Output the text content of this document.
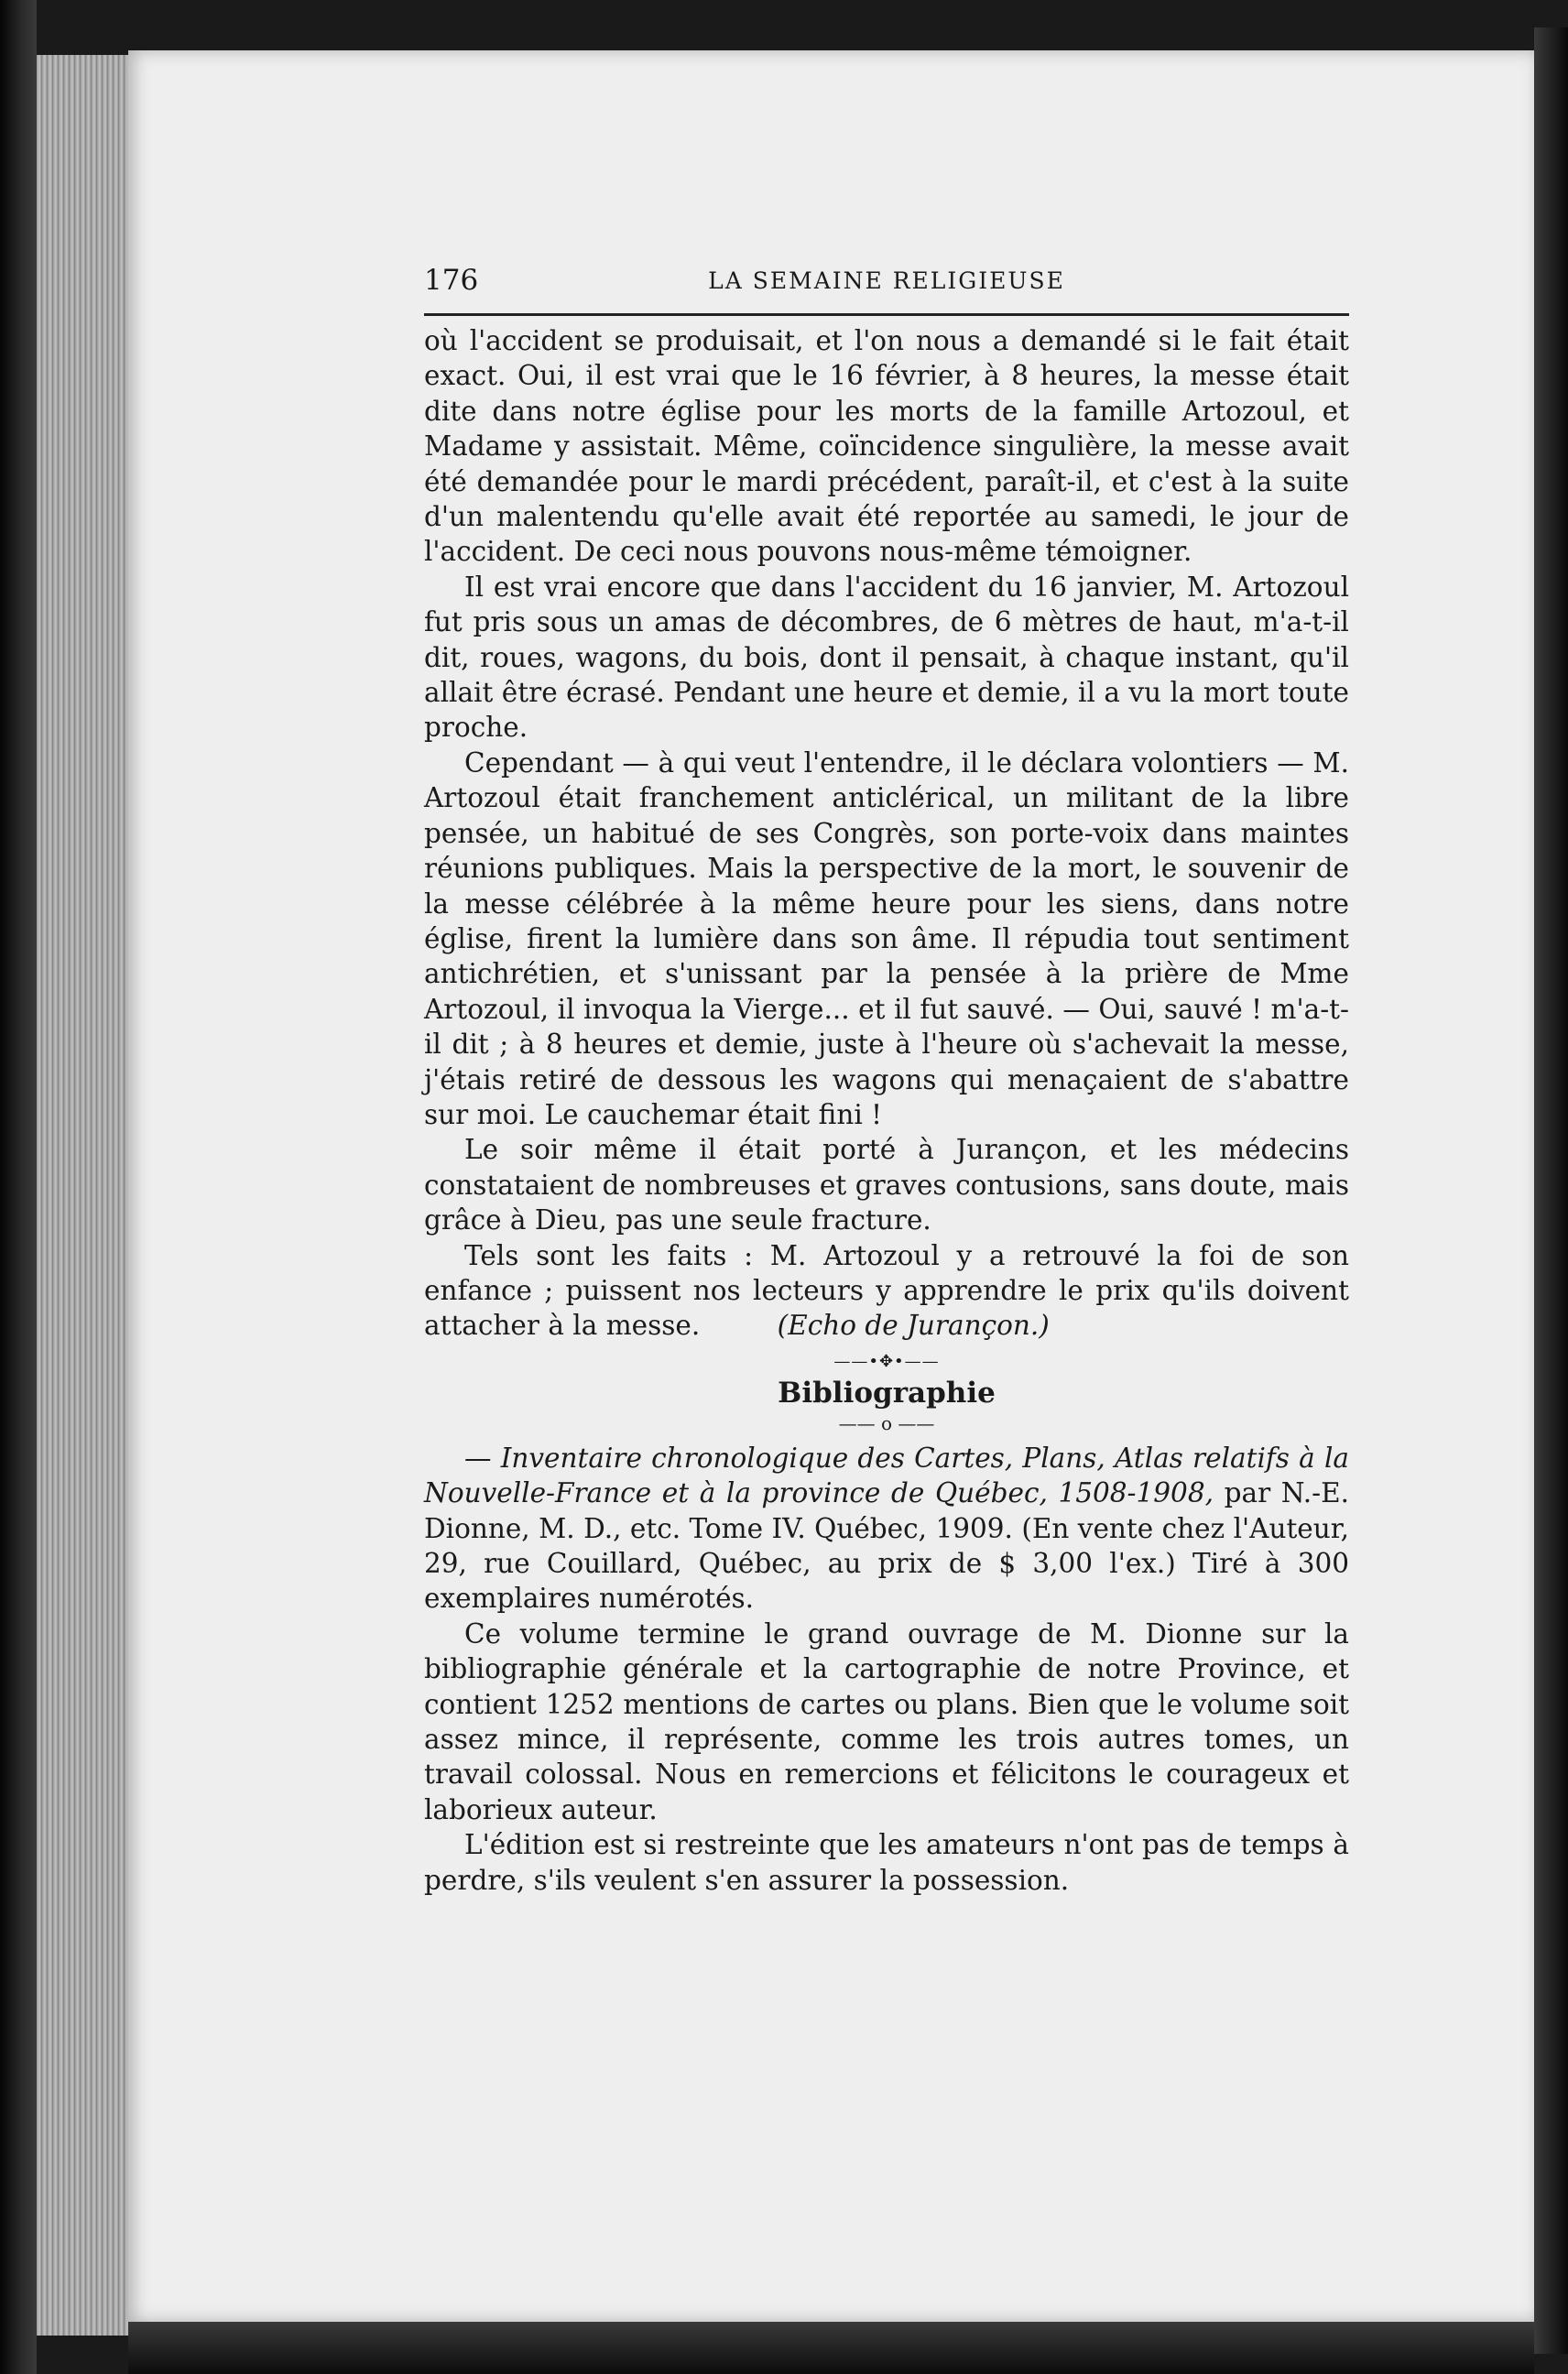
176	LA SEMAINE RELIGIEUSE

où l'accident se produisait, et l'on nous a demandé si le fait était exact. Oui, il est vrai que le 16 février, à 8 heures, la messe était dite dans notre église pour les morts de la famille Artozoul, et Madame y assistait. Même, coïncidence singulière, la messe avait été demandée pour le mardi précédent, paraît-il, et c'est à la suite d'un malentendu qu'elle avait été reportée au samedi, le jour de l'accident. De ceci nous pouvons nous-même témoigner.

Il est vrai encore que dans l'accident du 16 janvier, M. Artozoul fut pris sous un amas de décombres, de 6 mètres de haut, m'a-t-il dit, roues, wagons, du bois, dont il pensait, à chaque instant, qu'il allait être écrasé. Pendant une heure et demie, il a vu la mort toute proche.

Cependant — à qui veut l'entendre, il le déclara volontiers — M. Artozoul était franchement anticlérical, un militant de la libre pensée, un habitué de ses Congrès, son porte-voix dans maintes réunions publiques. Mais la perspective de la mort, le souvenir de la messe célébrée à la même heure pour les siens, dans notre église, firent la lumière dans son âme. Il répudia tout sentiment antichrétien, et s'unissant par la pensée à la prière de Mme Artozoul, il invoqua la Vierge... et il fut sauvé. — Oui, sauvé ! m'a-t-il dit ; à 8 heures et demie, juste à l'heure où s'achevait la messe, j'étais retiré de dessous les wagons qui menaçaient de s'abattre sur moi. Le cauchemar était fini !

Le soir même il était porté à Jurançon, et les médecins constataient de nombreuses et graves contusions, sans doute, mais grâce à Dieu, pas une seule fracture.

Tels sont les faits : M. Artozoul y a retrouvé la foi de son enfance ; puissent nos lecteurs y apprendre le prix qu'ils doivent attacher à la messe.	(Echo de Jurançon.)

——•✥•——
Bibliographie
—— o ——

— Inventaire chronologique des Cartes, Plans, Atlas relatifs à la Nouvelle-France et à la province de Québec, 1508-1908, par N.-E. Dionne, M. D., etc. Tome IV. Québec, 1909. (En vente chez l'Auteur, 29, rue Couillard, Québec, au prix de $ 3,00 l'ex.) Tiré à 300 exemplaires numérotés.

Ce volume termine le grand ouvrage de M. Dionne sur la bibliographie générale et la cartographie de notre Province, et contient 1252 mentions de cartes ou plans. Bien que le volume soit assez mince, il représente, comme les trois autres tomes, un travail colossal. Nous en remercions et félicitons le courageux et laborieux auteur.

L'édition est si restreinte que les amateurs n'ont pas de temps à perdre, s'ils veulent s'en assurer la possession.
